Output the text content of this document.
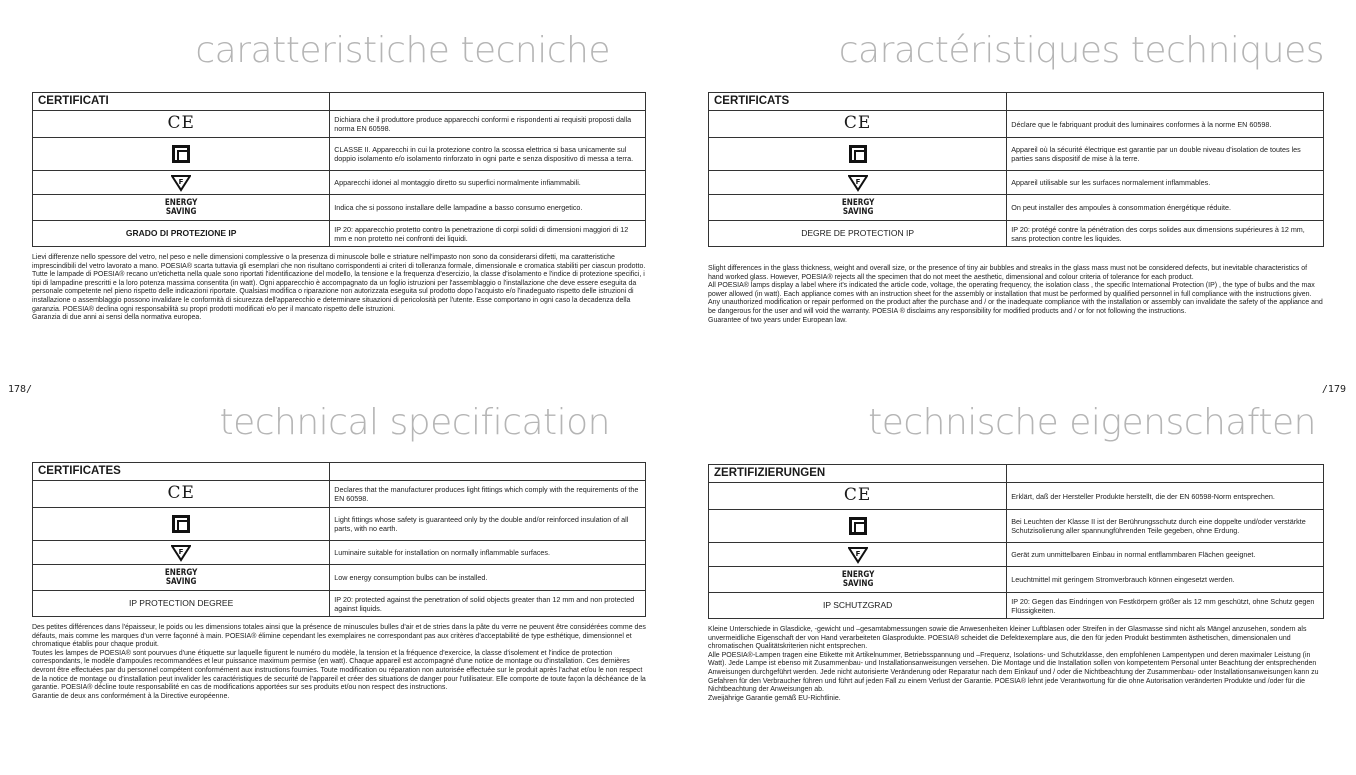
caratteristiche tecniche
CERTIFICATI	
CE	Dichiara che il produttore produce apparecchi conformi e rispondenti ai requisiti proposti dalla norma EN 60598.
	CLASSE II. Apparecchi in cui la protezione contro la scossa elettrica si basa unicamente sul doppio isolamento e/o isolamento rinforzato in ogni parte e senza dispositivo di messa a terra.

F	Apparecchi idonei al montaggio diretto su superfici normalmente infiammabili.
ENERGY
SAVING	Indica che si possono installare delle lampadine a basso consumo energetico.
GRADO DI PROTEZIONE IP	IP 20: apparecchio protetto contro la penetrazione di corpi solidi di dimensioni maggiori di 12 mm e non protetto nei confronti dei liquidi.

Lievi differenze nello spessore del vetro, nel peso e nelle dimensioni complessive o la presenza di minuscole bolle e striature nell'impasto non sono da considerarsi difetti, ma caratteristiche imprescindibili del vetro lavorato a mano. POESIA® scarta tuttavia gli esemplari che non risultano corrispondenti ai criteri di tolleranza formale, dimensionale e cromatica stabiliti per ciascun prodotto.

Tutte le lampade di POESIA® recano un'etichetta nella quale sono riportati l'identificazione del modello, la tensione e la frequenza d'esercizio, la classe d'isolamento e l'indice di protezione specifici, i tipi di lampadine prescritti e la loro potenza massima consentita (in watt). Ogni apparecchio è accompagnato da un foglio istruzioni per l'assemblaggio o l'installazione che deve essere eseguita da personale competente nel pieno rispetto delle indicazioni riportate. Qualsiasi modifica o riparazione non autorizzata eseguita sul prodotto dopo l'acquisto e/o l'inadeguato rispetto delle istruzioni di installazione o assemblaggio possono invalidare le conformità di sicurezza dell'apparecchio e determinare situazioni di pericolosità per l'utente. Esse comportano in ogni caso la decadenza della garanzia. POESIA® declina ogni responsabilità su propri prodotti modificati e/o per il mancato rispetto delle istruzioni.

Garanzia di due anni ai sensi della normativa europea.

caractéristiques techniques
CERTIFICATS	
CE	Déclare que le fabriquant produit des luminaires conformes à la norme EN 60598.
	Appareil où la sécurité électrique est garantie par un double niveau d'isolation de toutes les parties sans dispositif de mise à la terre.

F	Appareil utilisable sur les surfaces normalement inflammables.
ENERGY
SAVING	On peut installer des ampoules à consommation énergétique réduite.
DEGRE DE PROTECTION IP	IP 20: protégé contre la pénétration des corps solides aux dimensions supérieures à 12 mm, sans protection contre les liquides.

Slight differences in the glass thickness, weight and overall size, or the presence of tiny air bubbles and streaks in the glass mass must not be considered defects, but inevitable characteristics of hand worked glass. However, POESIA® rejects all the specimen that do not meet the aesthetic, dimensional and colour criteria of tolerance for each product.

All POESIA® lamps display a label where it's indicated the article code, voltage, the operating frequency, the isolation class , the specific International Protection (IP) , the type of bulbs and the max power allowed (in watt). Each appliance comes with an instruction sheet for the assembly or installation that must be performed by qualified personnel in full compliance with the instructions given. Any unauthorized modification or repair performed on the product after the purchase and / or the inadequate compliance with the installation or assembly can invalidate the safety of the appliance and be dangerous for the user and will void the warranty. POESIA ® disclaims any responsibility for modified products and / or for not following the instructions.

Guarantee of two years under European law.

178/	/179
technical specification
CERTIFICATES	
CE	Declares that the manufacturer produces light fittings which comply with the requirements of the EN 60598.
	Light fittings whose safety is guaranteed only by the double and/or reinforced insulation of all parts, with no earth.

F	Luminaire suitable for installation on normally inflammable surfaces.
ENERGY
SAVING	Low energy consumption bulbs can be installed.
IP PROTECTION DEGREE	IP 20: protected against the penetration of solid objects greater than 12 mm and non protected against liquids.

Des petites différences dans l'épaisseur, le poids ou les dimensions totales ainsi que la présence de minuscules bulles d'air et de stries dans la pâte du verre ne peuvent être considérées comme des défauts, mais comme les marques d'un verre façonné à main. POESIA® élimine cependant les exemplaires ne correspondant pas aux critères d'acceptabilité de type esthétique, dimensionnel et chromatique établis pour chaque produit.

Toutes les lampes de POESIA® sont pourvues d'une étiquette sur laquelle figurent le numéro du modèle, la tension et la fréquence d'exercice, la classe d'isolement et l'indice de protection correspondants, le modèle d'ampoules recommandées et leur puissance maximum permise (en watt). Chaque appareil est accompagné d'une notice de montage ou d'installation. Ces dernières devront être effectuées par du personnel compétent conformément aux instructions fournies. Toute modification ou réparation non autorisée effectuée sur le produit après l'achat et/ou le non respect de la notice de montage ou d'installation peut invalider les caractéristiques de securité de l'appareil et créer des situations de danger pour l'utilisateur. Elle comporte de toute façon la déchéance de la garantie. POESIA® décline toute responsabilité en cas de modifications apportées sur ses produits et/ou non respect des instructions.

Garantie de deux ans conformément à la Directive européenne.

technische eigenschaften
ZERTIFIZIERUNGEN	
CE	Erklärt, daß der Hersteller Produkte herstellt, die der EN 60598-Norm entsprechen.
	Bei Leuchten der Klasse II ist der Berührungsschutz durch eine doppelte und/oder verstärkte Schutzisolierung aller spannungführenden Teile gegeben, ohne Erdung.

F	Gerät zum unmittelbaren Einbau in normal entflammbaren Flächen geeignet.
ENERGY
SAVING	Leuchtmittel mit geringem Stromverbrauch können eingesetzt werden.
IP SCHUTZGRAD	IP 20: Gegen das Eindringen von Festkörpern größer als 12 mm geschützt, ohne Schutz gegen Flüssigkeiten.

Kleine Unterschiede in Glasdicke, -gewicht und –gesamtabmessungen sowie die Anwesenheiten kleiner Luftblasen oder Streifen in der Glasmasse sind nicht als Mängel anzusehen, sondern als unvermeidliche Eigenschaft der von Hand verarbeiteten Glasprodukte. POESIA® scheidet die Defektexemplare aus, die den für jeden Produkt bestimmten ästhetischen, dimensionalen und chromatischen Qualitätskriterien nicht entsprechen.

Alle POESIA®-Lampen tragen eine Etikette mit Artikelnummer, Betriebsspannung und –Frequenz, Isolations- und Schutzklasse, den empfohlenen Lampentypen und deren maximaler Leistung (in Watt). Jede Lampe ist ebenso mit Zusammenbau- und Installationsanweisungen versehen. Die Montage und die Installation sollen von kompetentem Personal unter Beachtung der entsprechenden Anweisungen durchgeführt werden. Jede nicht autorisierte Veränderung oder Reparatur nach dem Einkauf und / oder die Nichtbeachtung der Zusammenbau- oder Installationsanweisungen kann zu Gefahren für den Verbraucher führen und führt auf jeden Fall zu einem Verlust der Garantie. POESIA® lehnt jede Verantwortung für die ohne Autorisation veränderten Produkte und /oder für die Nichtbeachtung der Anweisungen ab.

Zweijährige Garantie gemäß EU-Richtlinie.
